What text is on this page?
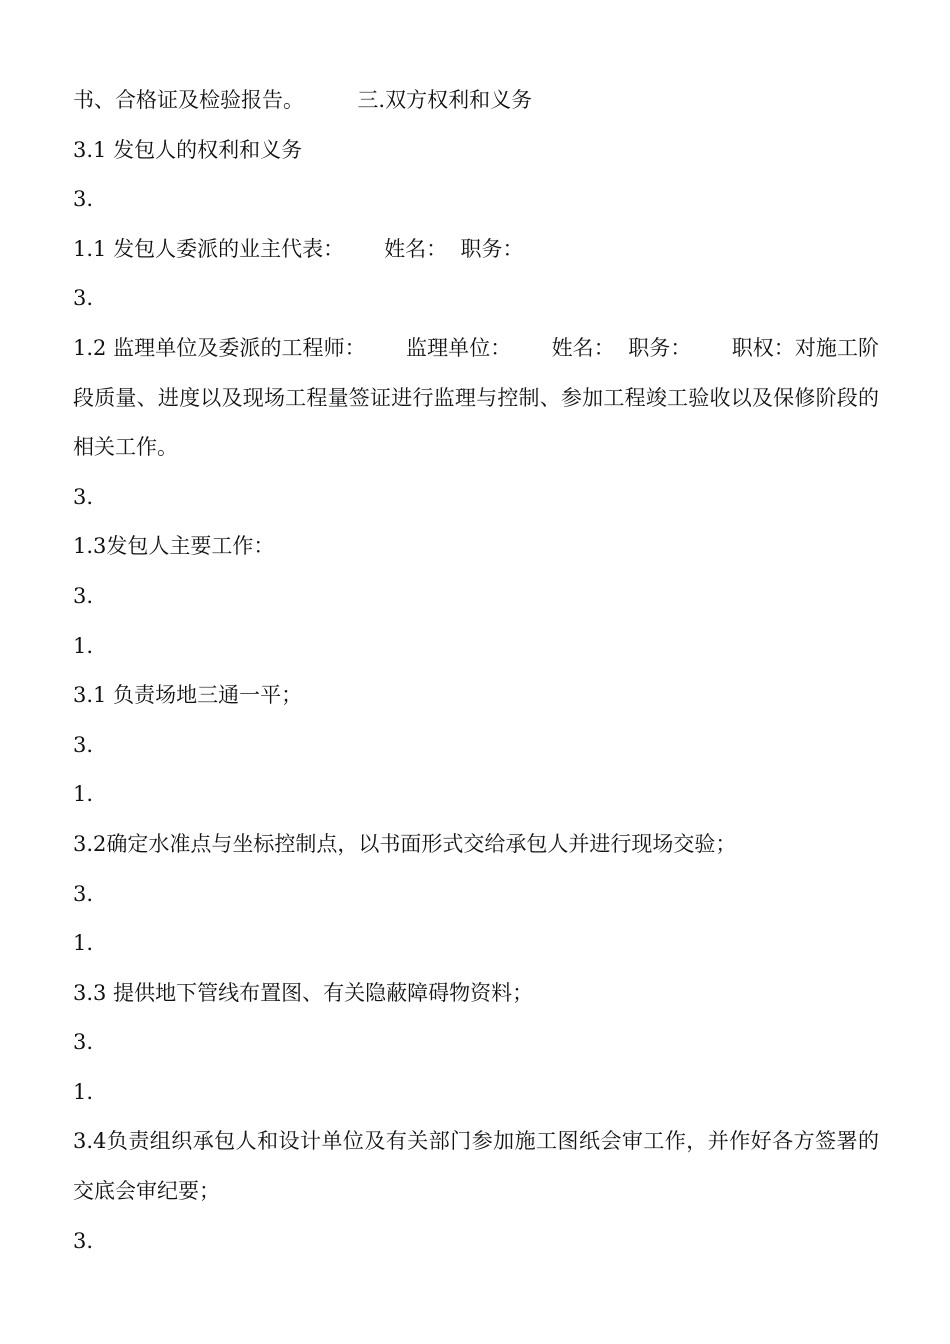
书、合格证及检验报告。        三.双方权利和义务

3.1 发包人的权利和义务

3.

1.1 发包人委派的业主代表：      姓名：  职务：

3.

1.2 监理单位及委派的工程师：      监理单位：      姓名：  职务：      职权：对施工阶段质量、进度以及现场工程量签证进行监理与控制、参加工程竣工验收以及保修阶段的相关工作。

3.

1.3发包人主要工作：

3.

1.

3.1 负责场地三通一平；

3.

1.

3.2确定水准点与坐标控制点，以书面形式交给承包人并进行现场交验；

3.

1.

3.3 提供地下管线布置图、有关隐蔽障碍物资料；

3.

1.

3.4负责组织承包人和设计单位及有关部门参加施工图纸会审工作，并作好各方签署的交底会审纪要；

3.
